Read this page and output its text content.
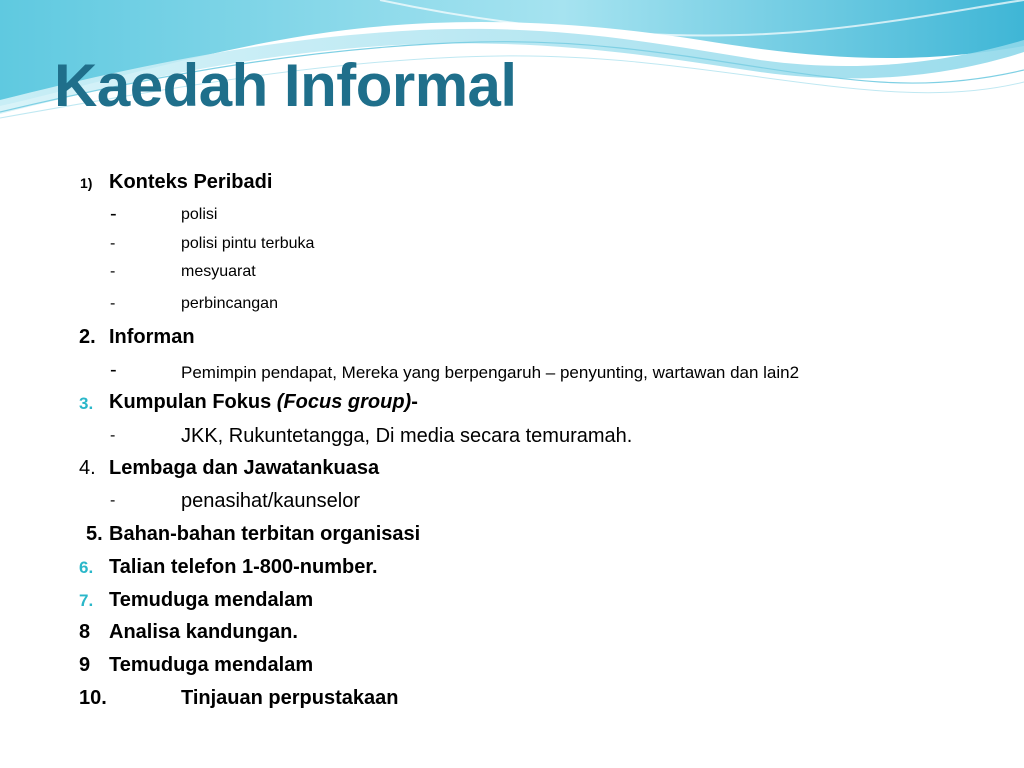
Kaedah Informal
1) Konteks Peribadi
-	polisi
-	polisi pintu terbuka
-	mesyuarat
-	perbincangan
2. Informan
-	Pemimpin pendapat, Mereka yang berpengaruh – penyunting, wartawan dan lain2
3. Kumpulan Fokus (Focus group)-
-	JKK, Rukuntetangga, Di media secara temuramah.
4. Lembaga dan Jawatankuasa
-	penasihat/kaunselor
5. Bahan-bahan terbitan organisasi
6. Talian telefon 1-800-number.
7. Temuduga mendalam
8 Analisa kandungan.
9 Temuduga mendalam
10.	Tinjauan perpustakaan
